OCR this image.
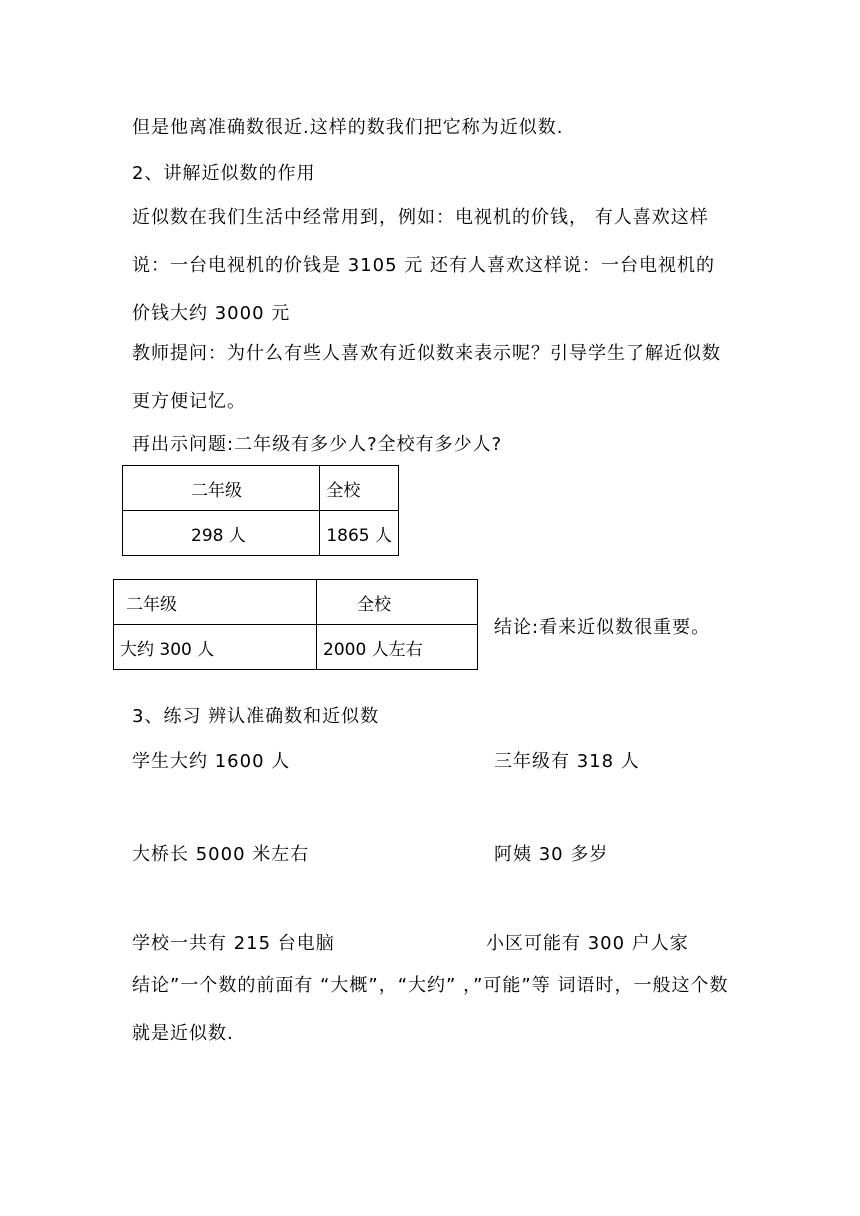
但是他离准确数很近.这样的数我们把它称为近似数.
2、讲解近似数的作用
近似数在我们生活中经常用到，例如：电视机的价钱， 有人喜欢这样说：一台电视机的价钱是 3105 元 还有人喜欢这样说：一台电视机的价钱大约 3000 元
教师提问：为什么有些人喜欢有近似数来表示呢？引导学生了解近似数更方便记忆。
再出示问题:二年级有多少人?全校有多少人?
二年级	全校
298 人	1865 人
二年级	全校
大约 300 人	2000 人左右
结论:看来近似数很重要。
3、练习 辨认准确数和近似数
学生大约 1600 人	三年级有 318 人
大桥长 5000 米左右	阿姨 30 多岁
学校一共有 215 台电脑	小区可能有 300 户人家
结论”一个数的前面有 “大概”，“大约” ，”可能”等 词语时，一般这个数就是近似数.
